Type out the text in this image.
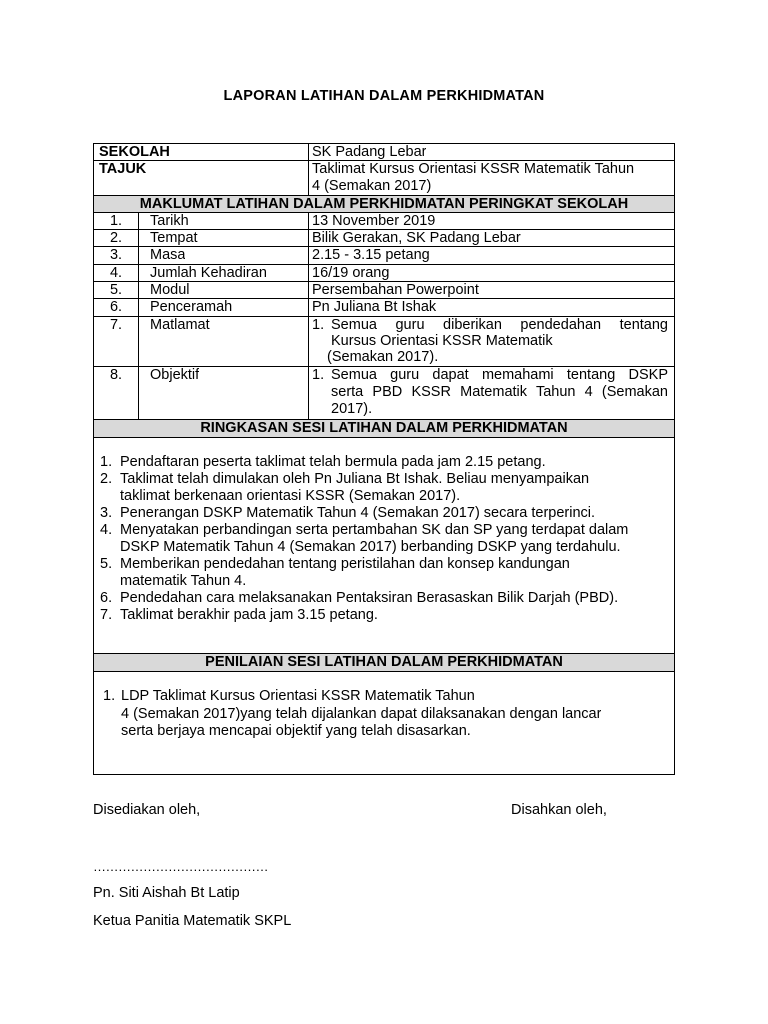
LAPORAN LATIHAN DALAM PERKHIDMATAN
SEKOLAH	SK Padang Lebar
TAJUK	Taklimat Kursus Orientasi KSSR Matematik Tahun
4 (Semakan 2017)
MAKLUMAT LATIHAN DALAM PERKHIDMATAN PERINGKAT SEKOLAH
1.	Tarikh	13 November 2019
2.	Tempat	Bilik Gerakan, SK Padang Lebar
3.	Masa	2.15 - 3.15 petang
4.	Jumlah Kehadiran	16/19 orang
5.	Modul	Persembahan Powerpoint
6.	Penceramah	Pn Juliana Bt Ishak
7.	Matlamat	1. Semua guru diberikan pendedahan tentang
Kursus Orientasi KSSR Matematik
(Semakan 2017).
8.	Objektif	1. Semua guru dapat memahami tentang DSKP
serta PBD KSSR Matematik Tahun 4 (Semakan
2017).
RINGKASAN SESI LATIHAN DALAM PERKHIDMATAN
1. Pendaftaran peserta taklimat telah bermula pada jam 2.15 petang.
2. Taklimat telah dimulakan oleh Pn Juliana Bt Ishak. Beliau menyampaikan
taklimat berkenaan orientasi KSSR (Semakan 2017).
3. Penerangan DSKP Matematik Tahun 4 (Semakan 2017) secara terperinci.
4. Menyatakan perbandingan serta pertambahan SK dan SP yang terdapat dalam
DSKP Matematik Tahun 4 (Semakan 2017) berbanding DSKP yang terdahulu.
5. Memberikan pendedahan tentang peristilahan dan konsep kandungan
matematik Tahun 4.
6. Pendedahan cara melaksanakan Pentaksiran Berasaskan Bilik Darjah (PBD).
7. Taklimat berakhir pada jam 3.15 petang.
PENILAIAN SESI LATIHAN DALAM PERKHIDMATAN
1. LDP Taklimat Kursus Orientasi KSSR Matematik Tahun
4 (Semakan 2017)yang telah dijalankan dapat dilaksanakan dengan lancar
serta berjaya mencapai objektif yang telah disasarkan.
Disediakan oleh,	Disahkan oleh,
……………………………………
Pn. Siti Aishah Bt Latip
Ketua Panitia Matematik SKPL
